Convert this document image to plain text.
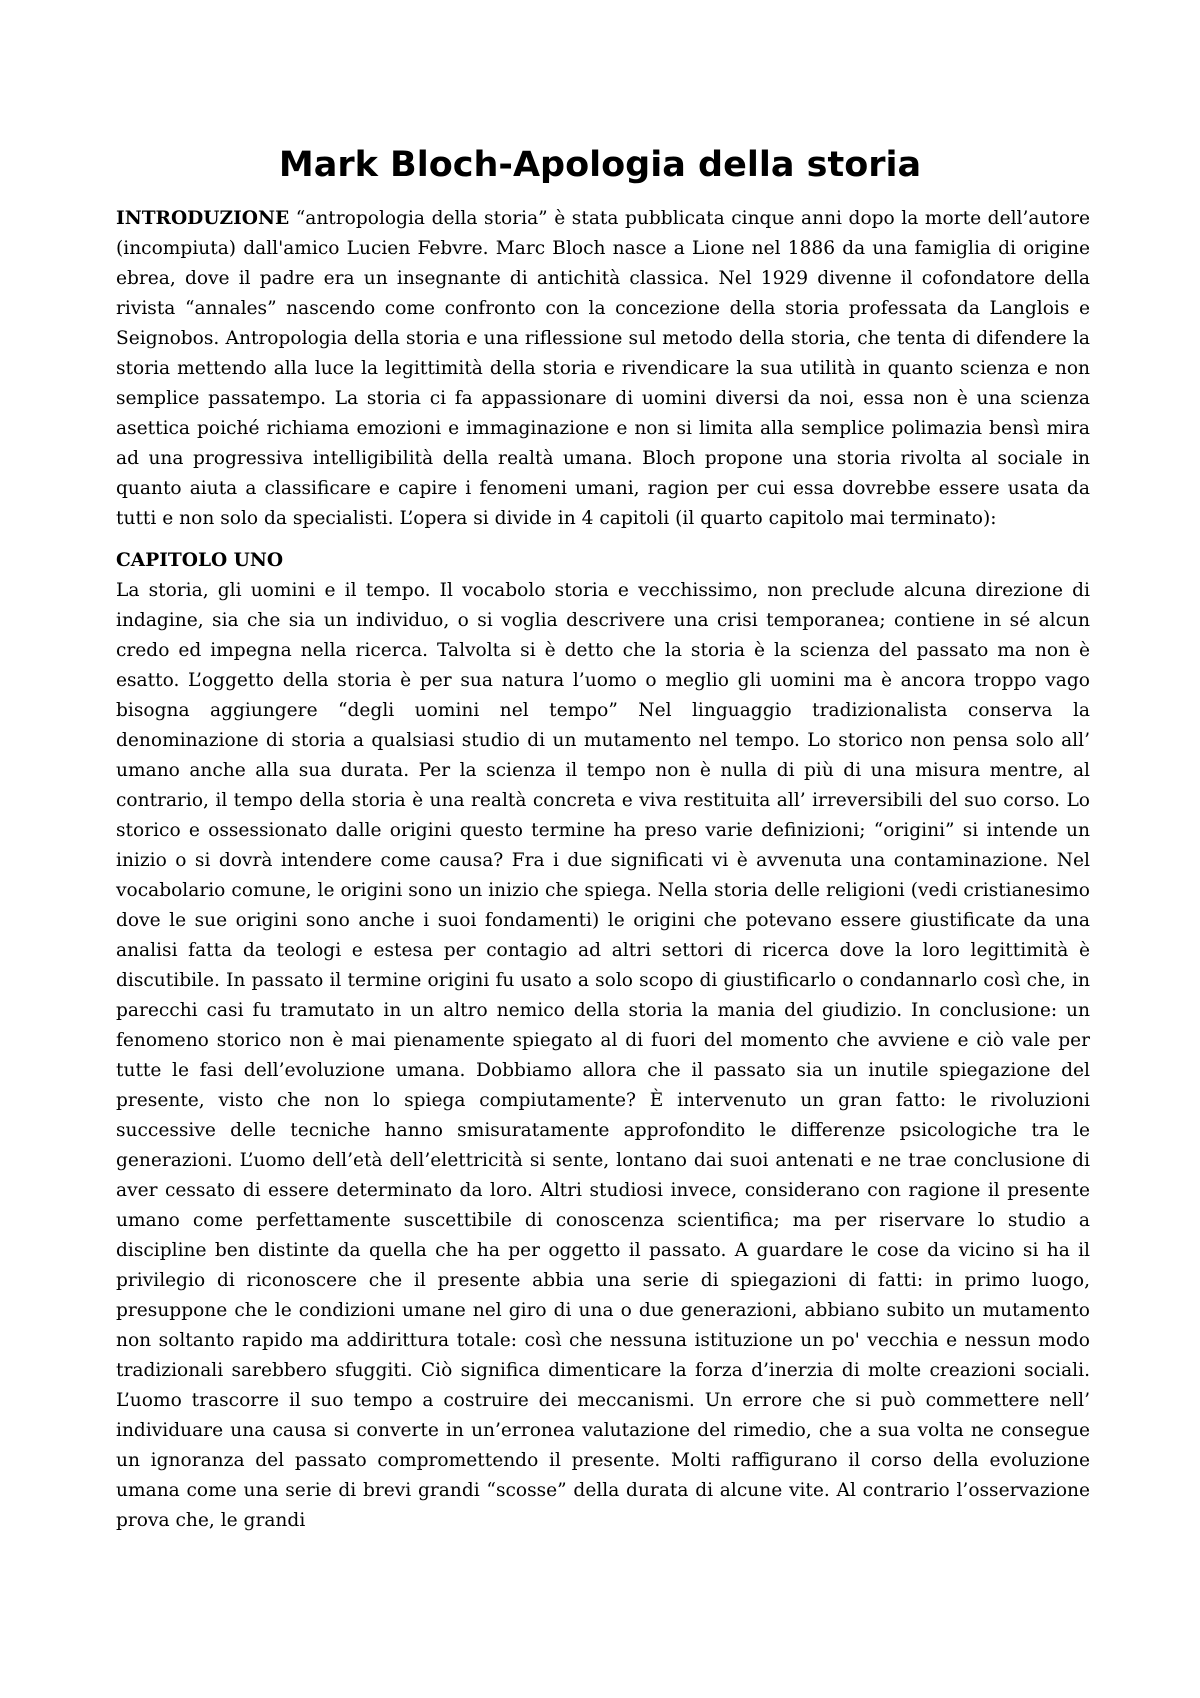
Mark Bloch-Apologia della storia

INTRODUZIONE “antropologia della storia” è stata pubblicata cinque anni dopo la morte dell’autore (incompiuta) dall'amico Lucien Febvre. Marc Bloch nasce a Lione nel 1886 da una famiglia di origine ebrea, dove il padre era un insegnante di antichità classica. Nel 1929 divenne il cofondatore della rivista “annales” nascendo come confronto con la concezione della storia professata da Langlois e Seignobos. Antropologia della storia e una riflessione sul metodo della storia, che tenta di difendere la storia mettendo alla luce la legittimità della storia e rivendicare la sua utilità in quanto scienza e non semplice passatempo. La storia ci fa appassionare di uomini diversi da noi, essa non è una scienza asettica poiché richiama emozioni e immaginazione e non si limita alla semplice polimazia bensì mira ad una progressiva intelligibilità della realtà umana. Bloch propone una storia rivolta al sociale in quanto aiuta a classificare e capire i fenomeni umani, ragion per cui essa dovrebbe essere usata da tutti e non solo da specialisti. L’opera si divide in 4 capitoli (il quarto capitolo mai terminato):

CAPITOLO UNO

La storia, gli uomini e il tempo. Il vocabolo storia e vecchissimo, non preclude alcuna direzione di indagine, sia che sia un individuo, o si voglia descrivere una crisi temporanea; contiene in sé alcun credo ed impegna nella ricerca. Talvolta si è detto che la storia è la scienza del passato ma non è esatto. L’oggetto della storia è per sua natura l’uomo o meglio gli uomini ma è ancora troppo vago bisogna aggiungere “degli uomini nel tempo” Nel linguaggio tradizionalista conserva la denominazione di storia a qualsiasi studio di un mutamento nel tempo. Lo storico non pensa solo all’ umano anche alla sua durata. Per la scienza il tempo non è nulla di più di una misura mentre, al contrario, il tempo della storia è una realtà concreta e viva restituita all’ irreversibili del suo corso. Lo storico e ossessionato dalle origini questo termine ha preso varie definizioni; “origini” si intende un inizio o si dovrà intendere come causa? Fra i due significati vi è avvenuta una contaminazione. Nel vocabolario comune, le origini sono un inizio che spiega. Nella storia delle religioni (vedi cristianesimo dove le sue origini sono anche i suoi fondamenti) le origini che potevano essere giustificate da una analisi fatta da teologi e estesa per contagio ad altri settori di ricerca dove la loro legittimità è discutibile. In passato il termine origini fu usato a solo scopo di giustificarlo o condannarlo così che, in parecchi casi fu tramutato in un altro nemico della storia la mania del giudizio. In conclusione: un fenomeno storico non è mai pienamente spiegato al di fuori del momento che avviene e ciò vale per tutte le fasi dell’evoluzione umana. Dobbiamo allora che il passato sia un inutile spiegazione del presente, visto che non lo spiega compiutamente? È intervenuto un gran fatto: le rivoluzioni successive delle tecniche hanno smisuratamente approfondito le differenze psicologiche tra le generazioni. L’uomo dell’età dell’elettricità si sente, lontano dai suoi antenati e ne trae conclusione di aver cessato di essere determinato da loro. Altri studiosi invece, considerano con ragione il presente umano come perfettamente suscettibile di conoscenza scientifica; ma per riservare lo studio a discipline ben distinte da quella che ha per oggetto il passato. A guardare le cose da vicino si ha il privilegio di riconoscere che il presente abbia una serie di spiegazioni di fatti: in primo luogo, presuppone che le condizioni umane nel giro di una o due generazioni, abbiano subito un mutamento non soltanto rapido ma addirittura totale: così che nessuna istituzione un po' vecchia e nessun modo tradizionali sarebbero sfuggiti. Ciò significa dimenticare la forza d’inerzia di molte creazioni sociali. L’uomo trascorre il suo tempo a costruire dei meccanismi. Un errore che si può commettere nell’ individuare una causa si converte in un’erronea valutazione del rimedio, che a sua volta ne consegue un ignoranza del passato compromettendo il presente. Molti raffigurano il corso della evoluzione umana come una serie di brevi grandi “scosse” della durata di alcune vite. Al contrario l’osservazione prova che, le grandi
